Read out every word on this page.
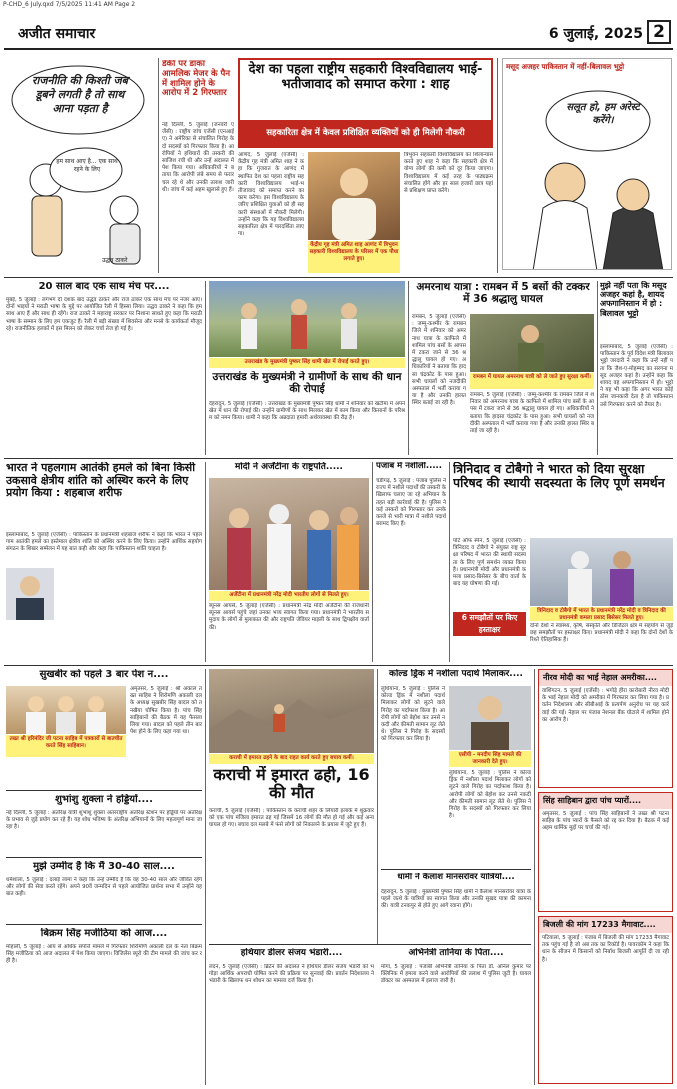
P-CHD_6 July.qxd 7/5/2025 11:41 AM Page 2
अजीत समाचार	6 जुलाई, 2025 2
राजनीति की किश्ती जब डूबने लगती है तो साथ आना पड़ता है
हम साथ आए है... एक साथ रहने के लिए
उद्धव ठाकरे
डेंकी पर डाका आमलिक मेजर के पैन में शामिल होने के आरोप में 2 गिरफ्तार
नई दिल्ली, 5 जुलाई (जनवरी एजेंसी) : राष्ट्रीय जांच एजेंसी (एनआईए) ने अमेरिका से संचालित गिरोह के दो सदस्यों को गिरफ्तार किया है। आरोपियों ने हथियारों की तस्करी की साजिश रची थी और उन्हें अदालत में पेश किया गया। अधिकारियों ने बताया कि आरोपी लंबे समय से फरार चल रहे थे और उनकी तलाश जारी थी। जांच में कई अहम खुलासे हुए हैं।
देश का पहला राष्ट्रीय सहकारी विश्वविद्यालय भाई-भतीजावाद को समाप्त करेगा : शाह
सहकारिता क्षेत्र में केवल प्रशिक्षित व्यक्तियों को ही मिलेगी नौकरी
आणंद, 5 जुलाई (एजेंसी) : केंद्रीय गृह मंत्री अमित शाह ने कहा कि गुजरात के आणंद में स्थापित देश का पहला राष्ट्रीय सहकारी विश्वविद्यालय भाई-भतीजावाद को समाप्त करने का काम करेगा। इस विश्वविद्यालय के जरिए प्रशिक्षित युवाओं को ही सहकारी संस्थाओं में नौकरी मिलेगी। उन्होंने कहा कि यह विश्वविद्यालय सहकारिता क्षेत्र में पारदर्शिता लाएगा।
केंद्रीय गृह मंत्री अमित शाह आणंद में त्रिभुवन सहकारी विश्वविद्यालय के परिसर में एक पौधा लगाते हुए।
त्रिभुवन सहकारी विश्वविद्यालय का शिलान्यास करते हुए शाह ने कहा कि सहकारी क्षेत्र में योग्य लोगों की कमी को दूर किया जाएगा। विश्वविद्यालय में कई तरह के पाठ्यक्रम संचालित होंगे और हर साल हजारों छात्र यहां से प्रशिक्षण प्राप्त करेंगे।
मसूद अजहर पाकिस्तान में नहीं-बिलावल भुट्टो
सलूत हो, हम अरेस्ट करेंगे।
20 साल बाद एक साथ मंच पर....
मुंबई, 5 जुलाई : लगभग दो दशक बाद उद्धव ठाकरे और राज ठाकरे एक साथ मंच पर नजर आए। दोनों भाइयों ने मराठी भाषा के मुद्दे पर आयोजित रैली में हिस्सा लिया। उद्धव ठाकरे ने कहा कि हम साथ आए हैं और साथ ही रहेंगे। राज ठाकरे ने महाराष्ट्र सरकार पर निशाना साधते हुए कहा कि मराठी भाषा के सम्मान के लिए हम एकजुट हैं। रैली में बड़ी संख्या में शिवसेना और मनसे के कार्यकर्ता मौजूद रहे। राजनीतिक हलकों में इस मिलन को लेकर चर्चा तेज हो गई है।
उत्तराखंड के मुख्यमंत्री पुष्कर सिंह धामी खेत में रोपाई करते हुए।
उत्तराखंड के मुख्यमंत्री ने ग्रामीणों के साथ की धान की रोपाई
देहरादून, 5 जुलाई (एजेंसी) : उत्तराखंड के मुख्यमंत्री पुष्कर सिंह धामी ने शनिवार को खटीमा में अपने खेत में धान की रोपाई की। उन्होंने ग्रामीणों के साथ मिलकर खेत में काम किया और किसानों के परिश्रम को नमन किया। धामी ने कहा कि अन्नदाता हमारी अर्थव्यवस्था की रीढ़ हैं।
अमरनाथ यात्रा : रामबन में 5 बसों की टक्कर में 36 श्रद्धालु घायल
रामबन, 5 जुलाई (एजेंसी) : जम्मू-कश्मीर के रामबन जिले में शनिवार को अमरनाथ यात्रा के काफिले में शामिल पांच बसों के आपस में टकरा जाने से 36 श्रद्धालु घायल हो गए। अधिकारियों ने बताया कि हादसा चंद्रकोट के पास हुआ। सभी घायलों को नजदीकी अस्पताल में भर्ती कराया गया है और उनकी हालत स्थिर बताई जा रही है।
रामबन में घायल अमरनाथ यात्री को ले जाते हुए सुरक्षा कर्मी।
रामबन, 5 जुलाई (एजेंसी) : जम्मू-कश्मीर के रामबन जिले में शनिवार को अमरनाथ यात्रा के काफिले में शामिल पांच बसों के आपस में टकरा जाने से 36 श्रद्धालु घायल हो गए। अधिकारियों ने बताया कि हादसा चंद्रकोट के पास हुआ। सभी घायलों को नजदीकी अस्पताल में भर्ती कराया गया है और उनकी हालत स्थिर बताई जा रही है।
मुझे नहीं पता कि मसूद अजहर कहां है, शायद अफगानिस्तान में हो : बिलावल भुट्टो
इस्लामाबाद, 5 जुलाई (एजेंसी) : पाकिस्तान के पूर्व विदेश मंत्री बिलावल भुट्टो जरदारी ने कहा कि उन्हें नहीं पता कि जैश-ए-मोहम्मद का सरगना मसूद अजहर कहां है। उन्होंने कहा कि शायद वह अफगानिस्तान में हो। भुट्टो ने यह भी कहा कि अगर भारत कोई ठोस जानकारी देता है तो पाकिस्तान उसे गिरफ्तार करने को तैयार है।
भारत ने पहलगाम आतंकी हमले को बिना किसी उकसावे क्षेत्रीय शांति को अस्थिर करने के लिए प्रयोग किया : शहबाज शरीफ
इस्लामाबाद, 5 जुलाई (एजेंसी) : पाकिस्तान के प्रधानमंत्री शहबाज शरीफ ने कहा कि भारत ने पहलगाम आतंकी हमले का इस्तेमाल क्षेत्रीय शांति को अस्थिर करने के लिए किया। उन्होंने आर्थिक सहयोग संगठन के शिखर सम्मेलन में यह बात कही और कहा कि पाकिस्तान शांति चाहता है।
मोदी ने अर्जेंटीना के राष्ट्रपति.....
अर्जेंटीना में प्रधानमंत्री नरेंद्र मोदी भारतीय लोगों से मिलते हुए।
ब्यूनस आयर्स, 5 जुलाई (एजेंसी) : प्रधानमंत्री नरेंद्र मोदी अर्जेंटीना की राजधानी ब्यूनस आयर्स पहुंचे जहां उनका भव्य स्वागत किया गया। प्रधानमंत्री ने भारतीय समुदाय के लोगों से मुलाकात की और राष्ट्रपति जेवियर माइली के साथ द्विपक्षीय वार्ता की।
पंजाब में नशीली.....
चंडीगढ़, 5 जुलाई : पंजाब पुलिस ने राज्य में नशीले पदार्थों की तस्करी के खिलाफ चलाए जा रहे अभियान के तहत बड़ी कार्रवाई की है। पुलिस ने कई तस्करों को गिरफ्तार कर उनके कब्जे से भारी मात्रा में नशीले पदार्थ बरामद किए हैं।
त्रिनिदाद व टोबैगो ने भारत को दिया सुरक्षा परिषद की स्थायी सदस्यता के लिए पूर्ण समर्थन
पोर्ट ऑफ स्पेन, 5 जुलाई (एजेंसी) : त्रिनिदाद व टोबैगो ने संयुक्त राष्ट्र सुरक्षा परिषद में भारत की स्थायी सदस्यता के लिए पूर्ण समर्थन व्यक्त किया है। प्रधानमंत्री मोदी और प्रधानमंत्री कमला प्रसाद-बिसेसर के बीच वार्ता के बाद यह घोषणा की गई।
त्रिनिदाद व टोबैगो में भारत के प्रधानमंत्री नरेंद्र मोदी व त्रिनिदाद की प्रधानमंत्री कमला प्रसाद बिसेसर मिलते हुए।
6 समझौतों पर किए हस्ताक्षर	दोनों देशों ने स्वास्थ्य, कृषि, संस्कृति और डिजिटल क्षेत्र में सहयोग से जुड़े छह समझौतों पर हस्ताक्षर किए। प्रधानमंत्री मोदी ने कहा कि दोनों देशों के रिश्ते ऐतिहासिक हैं।
सुखबीर को पहले 3 बार पेश न....
तख्त श्री हरिमंदिर जी पटना साहिब में पत्रकारों से बातचीत करते सिंह साहिबान।
अमृतसर, 5 जुलाई : श्री अकाल तख्त साहिब ने शिरोमणि अकाली दल के अध्यक्ष सुखबीर सिंह बादल को तनखैया घोषित किया है। पांच सिंह साहिबानों की बैठक में यह फैसला लिया गया। बादल को पहले तीन बार पेश होने के लिए कहा गया था।
शुभांशु शुक्ला ने हड्डियों....
नई दिल्ली, 5 जुलाई : अंतरिक्ष यात्री शुभांशु शुक्ला अंतरराष्ट्रीय अंतरिक्ष स्टेशन पर हड्डियों पर अंतरिक्ष के प्रभाव से जुड़े प्रयोग कर रहे हैं। यह शोध भविष्य के अंतरिक्ष अभियानों के लिए महत्वपूर्ण माना जा रहा है।
मुझे उम्मीद है कि मैं 30-40 साल....
धर्मशाला, 5 जुलाई : दलाई लामा ने कहा कि उन्हें उम्मीद है कि वह 30-40 साल और जीवित रहेंगे और लोगों की सेवा करते रहेंगे। अपने 90वें जन्मदिन से पहले आयोजित प्रार्थना सभा में उन्होंने यह बात कही।
बिक्रम सिंह मजीठिया को आज....
मोहाली, 5 जुलाई : आय से अधिक संपत्ति मामले में गिरफ्तार शिरोमणि अकाली दल के नेता बिक्रम सिंह मजीठिया को आज अदालत में पेश किया जाएगा। विजिलेंस ब्यूरो की टीम मामले की जांच कर रही है।
कराची में इमारत ढहने के बाद राहत कार्य करते हुए बचाव कर्मी।
कराची में इमारत ढही, 16 की मौत
कराची, 5 जुलाई (एजेंसी) : पाकिस्तान के कराची शहर के लियारी इलाके में शुक्रवार को एक पांच मंजिला इमारत ढह गई जिसमें 16 लोगों की मौत हो गई और कई अन्य घायल हो गए। बचाव दल मलबे में फंसे लोगों को निकालने के प्रयास में जुटे हुए हैं।
कोल्ड ड्रिंक में नशीला पदार्थ मिलाकर....
लुधियाना, 5 जुलाई : पुलिस ने कोल्ड ड्रिंक में नशीला पदार्थ मिलाकर लोगों को लूटने वाले गिरोह का पर्दाफाश किया है। आरोपी लोगों को बेहोश कर उनसे नकदी और कीमती सामान लूट लेते थे। पुलिस ने गिरोह के सदस्यों को गिरफ्तार कर लिया है।
एसीपी - मनदीप सिंह मामले की जानकारी देते हुए।
लुधियाना, 5 जुलाई : पुलिस ने कोल्ड ड्रिंक में नशीला पदार्थ मिलाकर लोगों को लूटने वाले गिरोह का पर्दाफाश किया है। आरोपी लोगों को बेहोश कर उनसे नकदी और कीमती सामान लूट लेते थे। पुलिस ने गिरोह के सदस्यों को गिरफ्तार कर लिया है।
धामी ने कैलाश मानसरोवर यात्रियों....
देहरादून, 5 जुलाई : मुख्यमंत्री पुष्कर सिंह धामी ने कैलाश मानसरोवर यात्रा के पहले जत्थे के यात्रियों का स्वागत किया और उनकी सुखद यात्रा की कामना की। यात्री टनकपुर से होते हुए आगे रवाना होंगे।
हथियार डीलर संजय भंडारी....
लंदन, 5 जुलाई (एजेंसी) : ब्रिटेन की अदालत ने हथियार डीलर संजय भंडारी को भगोड़ा आर्थिक अपराधी घोषित करने की प्रक्रिया पर सुनवाई की। प्रवर्तन निदेशालय ने भंडारी के खिलाफ धन शोधन का मामला दर्ज किया है।
अभिनेत्री तानिया के पिता....
मोगा, 5 जुलाई : पंजाबी अभिनेत्री तानिया के पिता डॉ. अनिल कुमार पर क्लिनिक में हमला करने वाले आरोपियों की तलाश में पुलिस जुटी है। घायल डॉक्टर का अस्पताल में इलाज जारी है।
नीरव मोदी का भाई नेहाल अमरीका....
वाशिंगटन, 5 जुलाई (एजेंसी) : भगोड़े हीरा कारोबारी नीरव मोदी के भाई नेहाल मोदी को अमरीका में गिरफ्तार कर लिया गया है। प्रवर्तन निदेशालय और सीबीआई के प्रत्यर्पण अनुरोध पर यह कार्रवाई की गई। नेहाल पर पंजाब नेशनल बैंक घोटाले में शामिल होने का आरोप है।
सिंह साहिबान द्वारा पांच प्यारों....
अमृतसर, 5 जुलाई : पांच सिंह साहिबानों ने तख्त श्री पटना साहिब के पांच प्यारों के फैसले को रद्द कर दिया है। बैठक में कई अहम धार्मिक मुद्दों पर चर्चा की गई।
बिजली की मांग 17233 मैगावाट....
पटियाला, 5 जुलाई : पंजाब में बिजली की मांग 17233 मैगावाट तक पहुंच गई है जो अब तक का रिकॉर्ड है। पावरकॉम ने कहा कि धान के सीजन में किसानों को निर्बाध बिजली आपूर्ति दी जा रही है।
